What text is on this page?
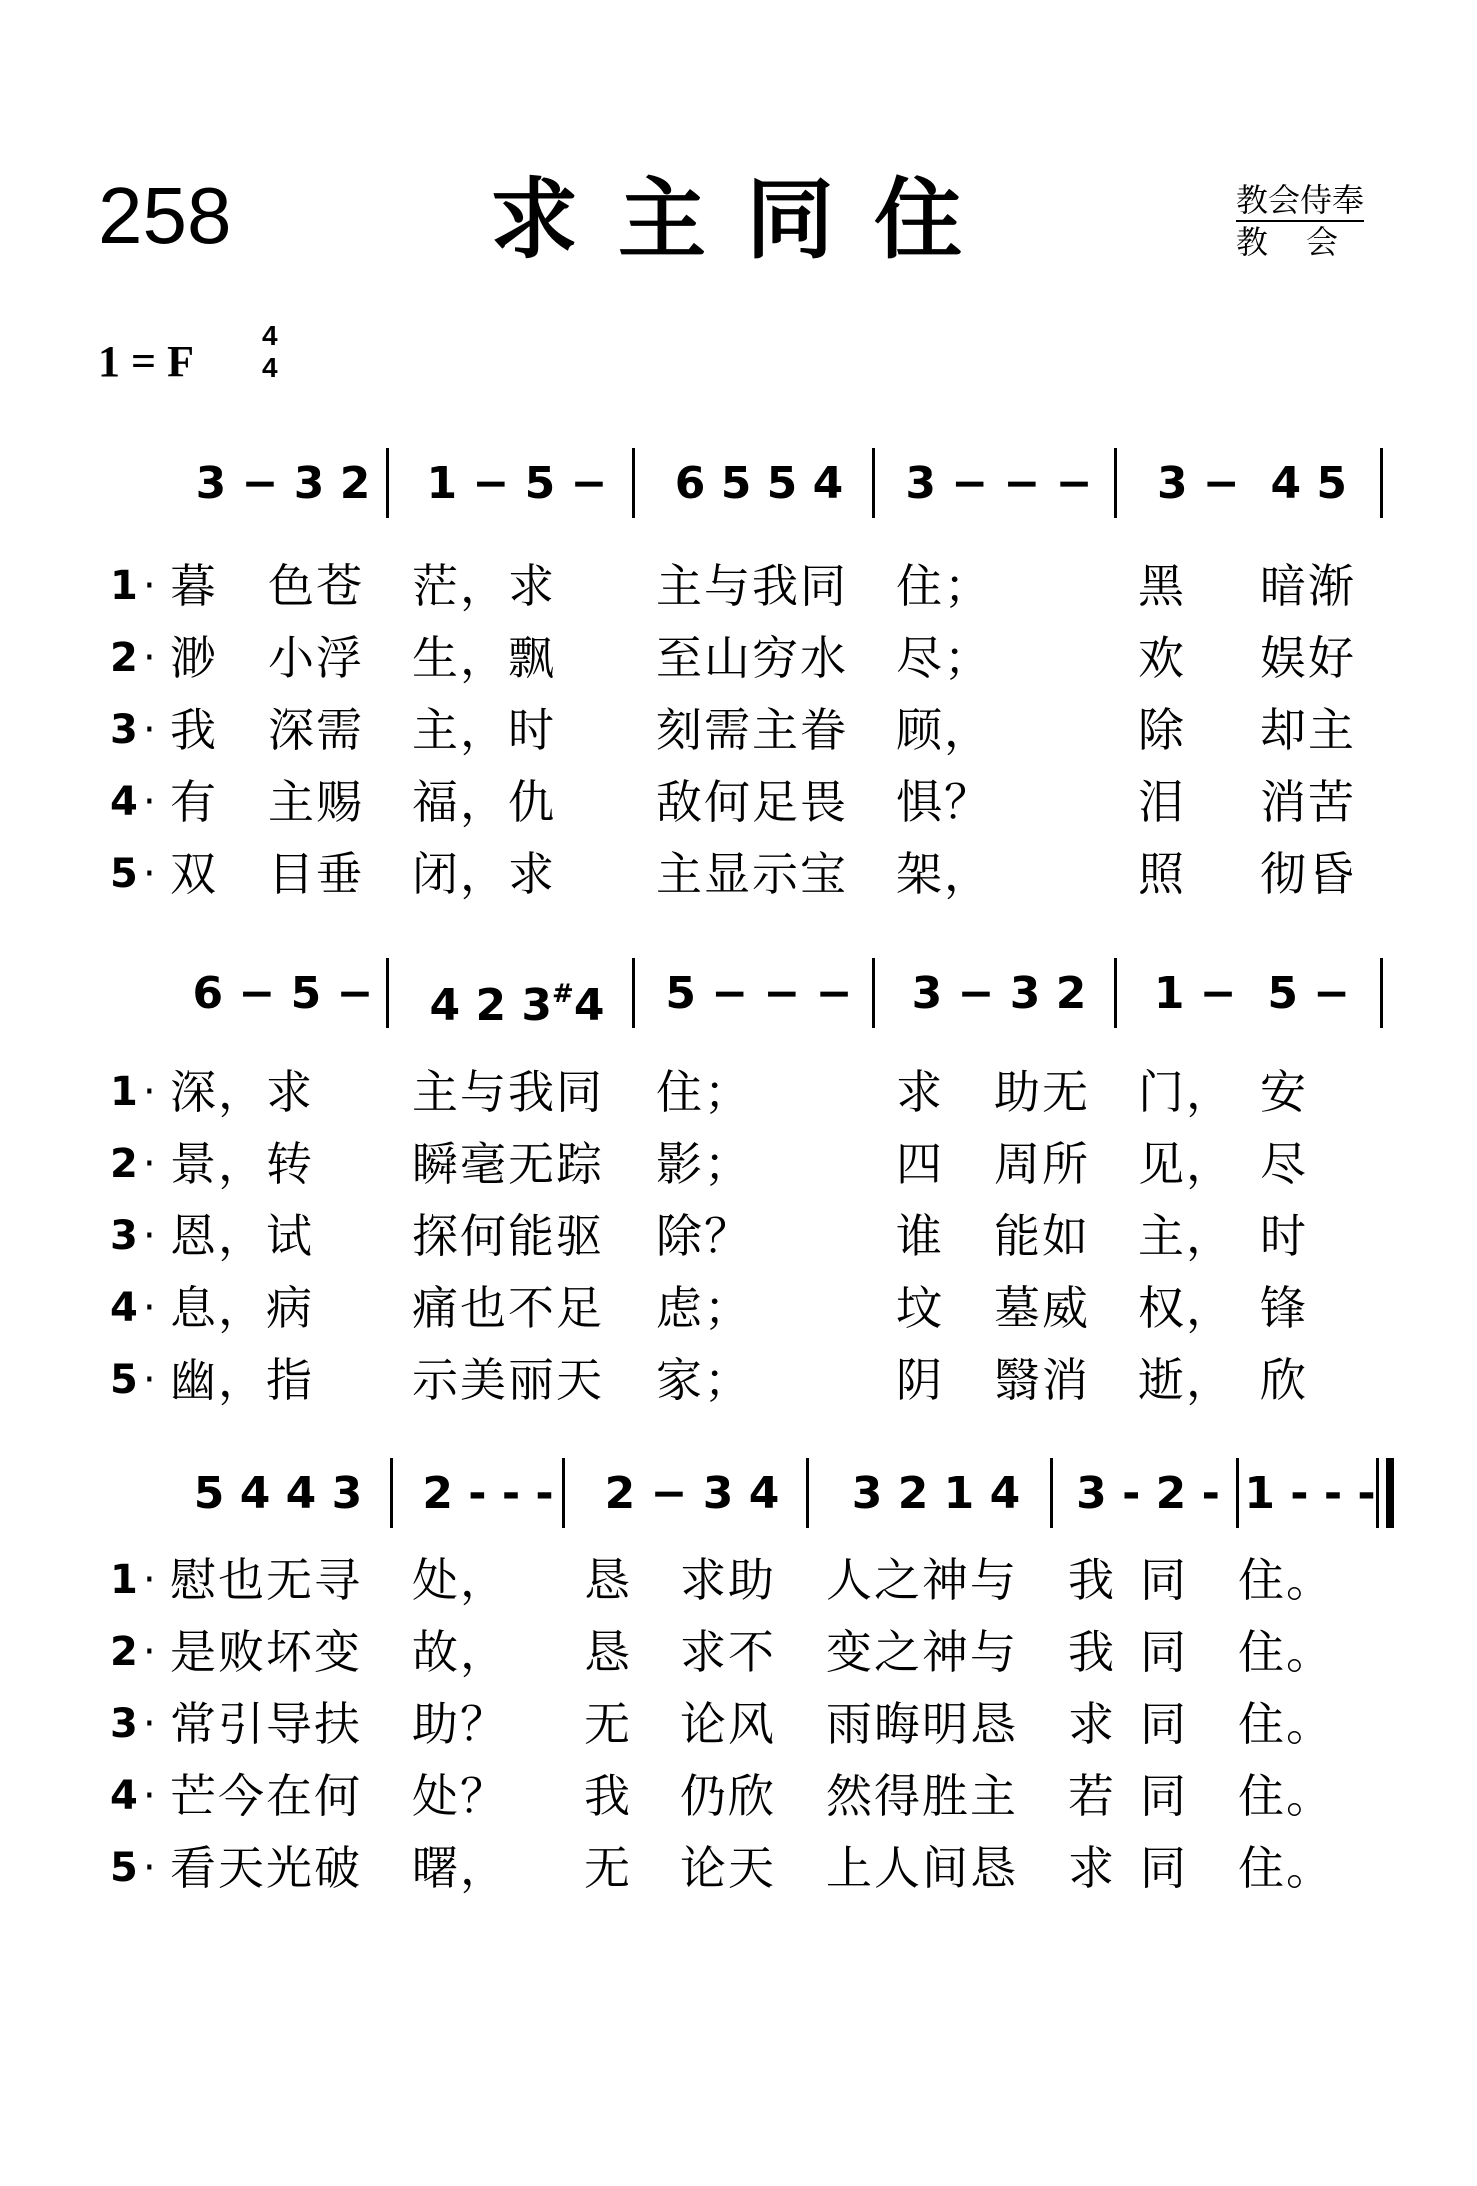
258	求主同住	教会侍奉
教会
1 = F
4
4
3 − 3 2	1 − 5 −	6 5 5 4	3 − − −	3 −  4 5
1 · 暮 色苍 茫，求 主与我同 住；	黑 暗渐
2 · 渺 小浮 生，飘 至山穷水 尽；	欢 娱好
3 · 我 深需 主，时 刻需主眷 顾，	除 却主
4 · 有 主赐 福，仇 敌何足畏 惧？	泪 消苦
5 · 双 目垂 闭，求 主显示宝 架，	照 彻昏
6 − 5 −	4 2 3#4	5 − − −	3 − 3 2	1 −  5 −
1 · 深，求 主与我同 住；	求 助无 门， 安
2 · 景，转 瞬毫无踪 影；	四 周所 见， 尽
3 · 恩，试 探何能驱 除？	谁 能如 主， 时
4 · 息，病 痛也不足 虑；	坟 墓威 权， 锋
5 · 幽，指 示美丽天 家；	阴 翳消 逝， 欣
5 4 4 3	2 - - -	2 − 3 4	3 2 1 4	3 - 2 - 1 - - -
1 · 慰也无寻 处， 恳 求助 人之神与 我 同 住。
2 · 是败坏变 故， 恳 求不 变之神与 我 同 住。
3 · 常引导扶 助？ 无 论风 雨晦明恳 求 同 住。
4 · 芒今在何 处？ 我 仍欣 然得胜主 若 同 住。
5 · 看天光破 曙， 无 论天 上人间恳 求 同 住。
